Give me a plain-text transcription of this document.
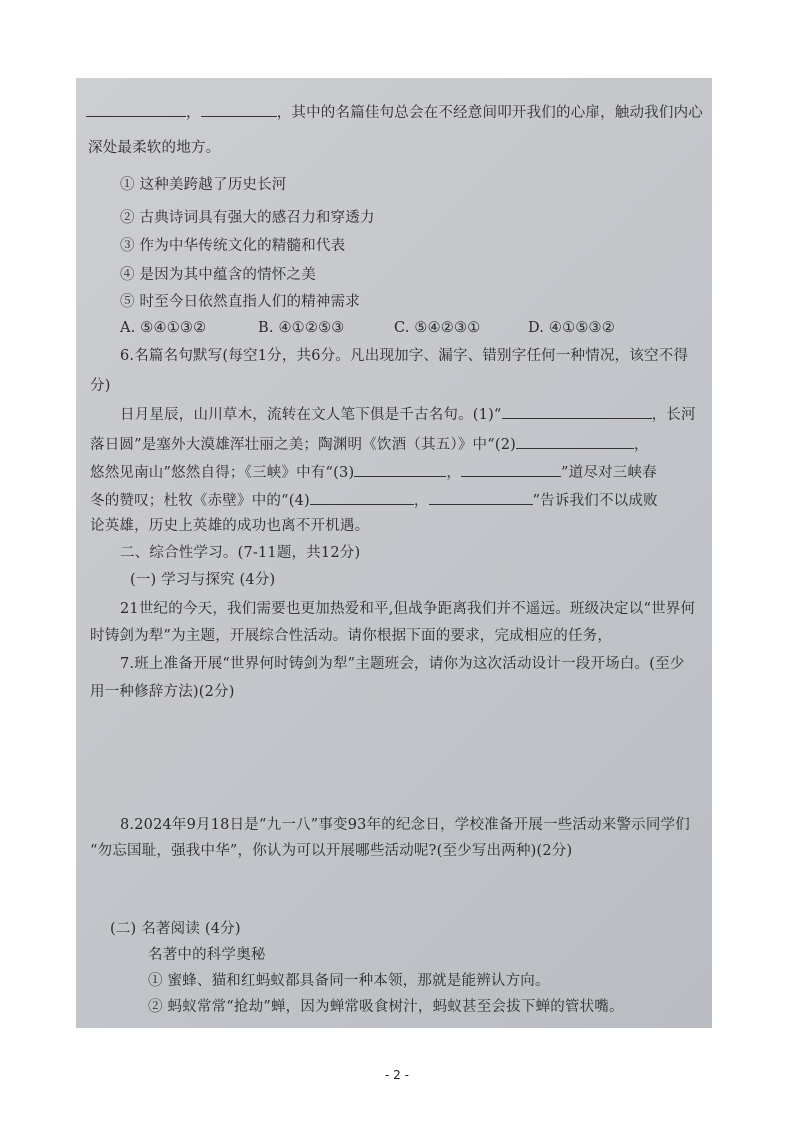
，	，其中的名篇佳句总会在不经意间叩开我们的心扉，触动我们内心

深处最柔软的地方。

① 这种美跨越了历史长河

② 古典诗词具有强大的感召力和穿透力

③ 作为中华传统文化的精髓和代表

④ 是因为其中蕴含的情怀之美

⑤ 时至今日依然直指人们的精神需求

A. ⑤④①③②	B. ④①②⑤③	C. ⑤④②③①	D. ④①⑤③②

6.名篇名句默写(每空1分，共6分。凡出现加字、漏字、错别字任何一种情况，该空不得

分)

日月星辰，山川草木，流转在文人笔下俱是千古名句。(1)“	，长河

落日圆”是塞外大漠雄浑壮丽之美；陶渊明《饮酒（其五）》中“(2)	，

悠然见南山”悠然自得；《三峡》中有“(3)	，	”道尽对三峡春

冬的赞叹；杜牧《赤壁》中的“(4)	，	”告诉我们不以成败

论英雄，历史上英雄的成功也离不开机遇。

二、综合性学习。(7-11题，共12分)

(一) 学习与探究 (4分)

21世纪的今天，我们需要也更加热爱和平,但战争距离我们并不遥远。班级决定以“世界何

时铸剑为犁”为主题，开展综合性活动。请你根据下面的要求，完成相应的任务，

7.班上准备开展“世界何时铸剑为犁”主题班会，请你为这次活动设计一段开场白。(至少

用一种修辞方法)(2分)

8.2024年9月18日是“九一八”事变93年的纪念日，学校准备开展一些活动来警示同学们

“勿忘国耻，强我中华”，你认为可以开展哪些活动呢?(至少写出两种)(2分)

(二) 名著阅读 (4分)

名著中的科学奥秘

① 蜜蜂、猫和红蚂蚁都具备同一种本领，那就是能辨认方向。

② 蚂蚁常常“抢劫”蝉，因为蝉常吸食树汁，蚂蚁甚至会拔下蝉的管状嘴。

- 2 -
